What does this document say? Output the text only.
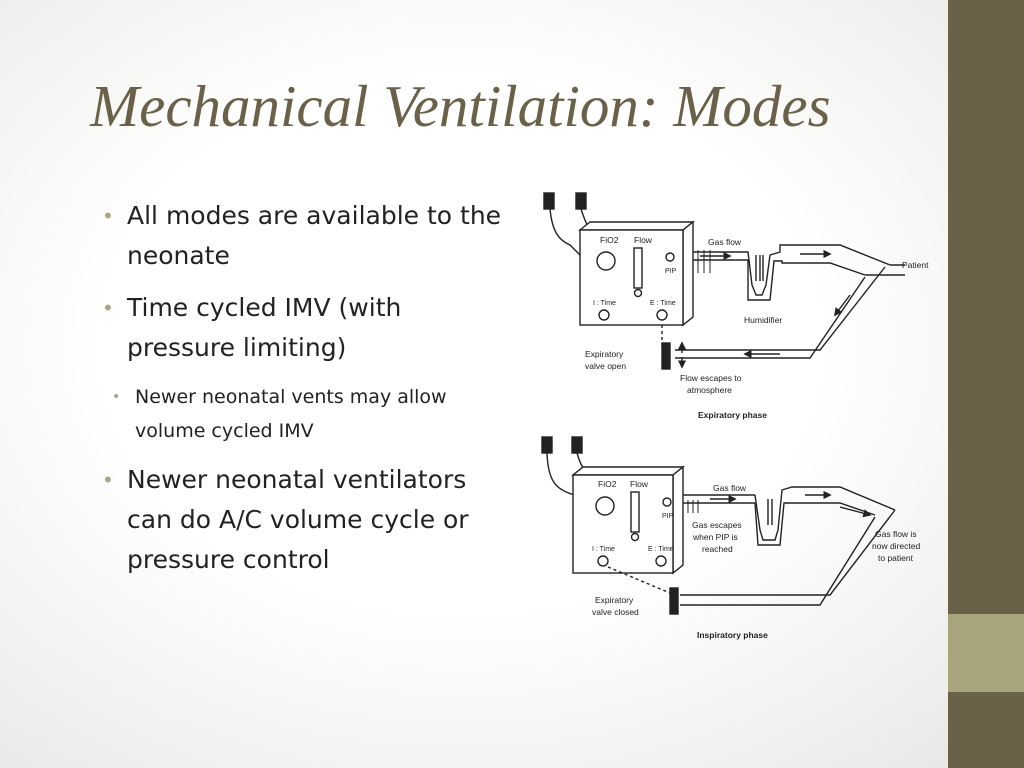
Mechanical Ventilation: Modes
• All modes are available to the neonate
• Time cycled IMV (with pressure limiting)
• Newer neonatal vents may allow volume cycled IMV
• Newer neonatal ventilators can do A/C volume cycle or pressure control
FiO2 Flow
PIP
I : Time	E : Time
Gas flow
Patient
Humidifier
Expiratory
valve open
Flow escapes to
atmosphere
Expiratory phase
FiO2 Flow
PIP
I : Time	E : Time
Gas flow
Gas escapes
when PIP is
reached
Gas flow is
now directed
to patient
Expiratory
valve closed
Inspiratory phase
